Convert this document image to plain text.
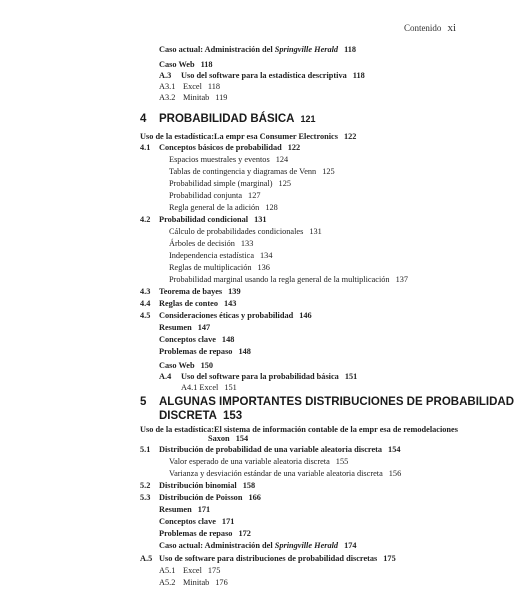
Contenido xi
4 PROBABILIDAD BÁSICA 121
5 ALGUNAS IMPORTANTES DISTRIBUCIONES DE PROBABILIDAD
DISCRETA 153
Caso actual: Administración del Springville Herald 118
Caso Web 118
A.3 Uso del software para la estadística descriptiva 118
A3.1 Excel 118
A3.2 Minitab 119
Uso de la estadística:La empr esa Consumer Electronics 122
4.1 Conceptos básicos de probabilidad 122
Espacios muestrales y eventos 124
Tablas de contingencia y diagramas de Venn 125
Probabilidad simple (marginal) 125
Probabilidad conjunta 127
Regla general de la adición 128
4.2 Probabilidad condicional 131
Cálculo de probabilidades condicionales 131
Árboles de decisión 133
Independencia estadística 134
Reglas de multiplicación 136
Probabilidad marginal usando la regla general de la multiplicación 137
4.3 Teorema de bayes 139
4.4 Reglas de conteo 143
4.5 Consideraciones éticas y probabilidad 146
Resumen 147
Conceptos clave 148
Problemas de repaso 148
Caso Web 150
A.4 Uso del software para la probabilidad básica 151
A4.1 Excel 151
Uso de la estadística:El sistema de información contable de la empr esa de remodelaciones
Saxon 154
5.1 Distribución de probabilidad de una variable aleatoria discreta 154
Valor esperado de una variable aleatoria discreta 155
Varianza y desviación estándar de una variable aleatoria discreta 156
5.2 Distribución binomial 158
5.3 Distribución de Poisson 166
Resumen 171
Conceptos clave 171
Problemas de repaso 172
Caso actual: Administración del Springville Herald 174
A.5 Uso de software para distribuciones de probabilidad discretas 175
A5.1 Excel 175
A5.2 Minitab 176
